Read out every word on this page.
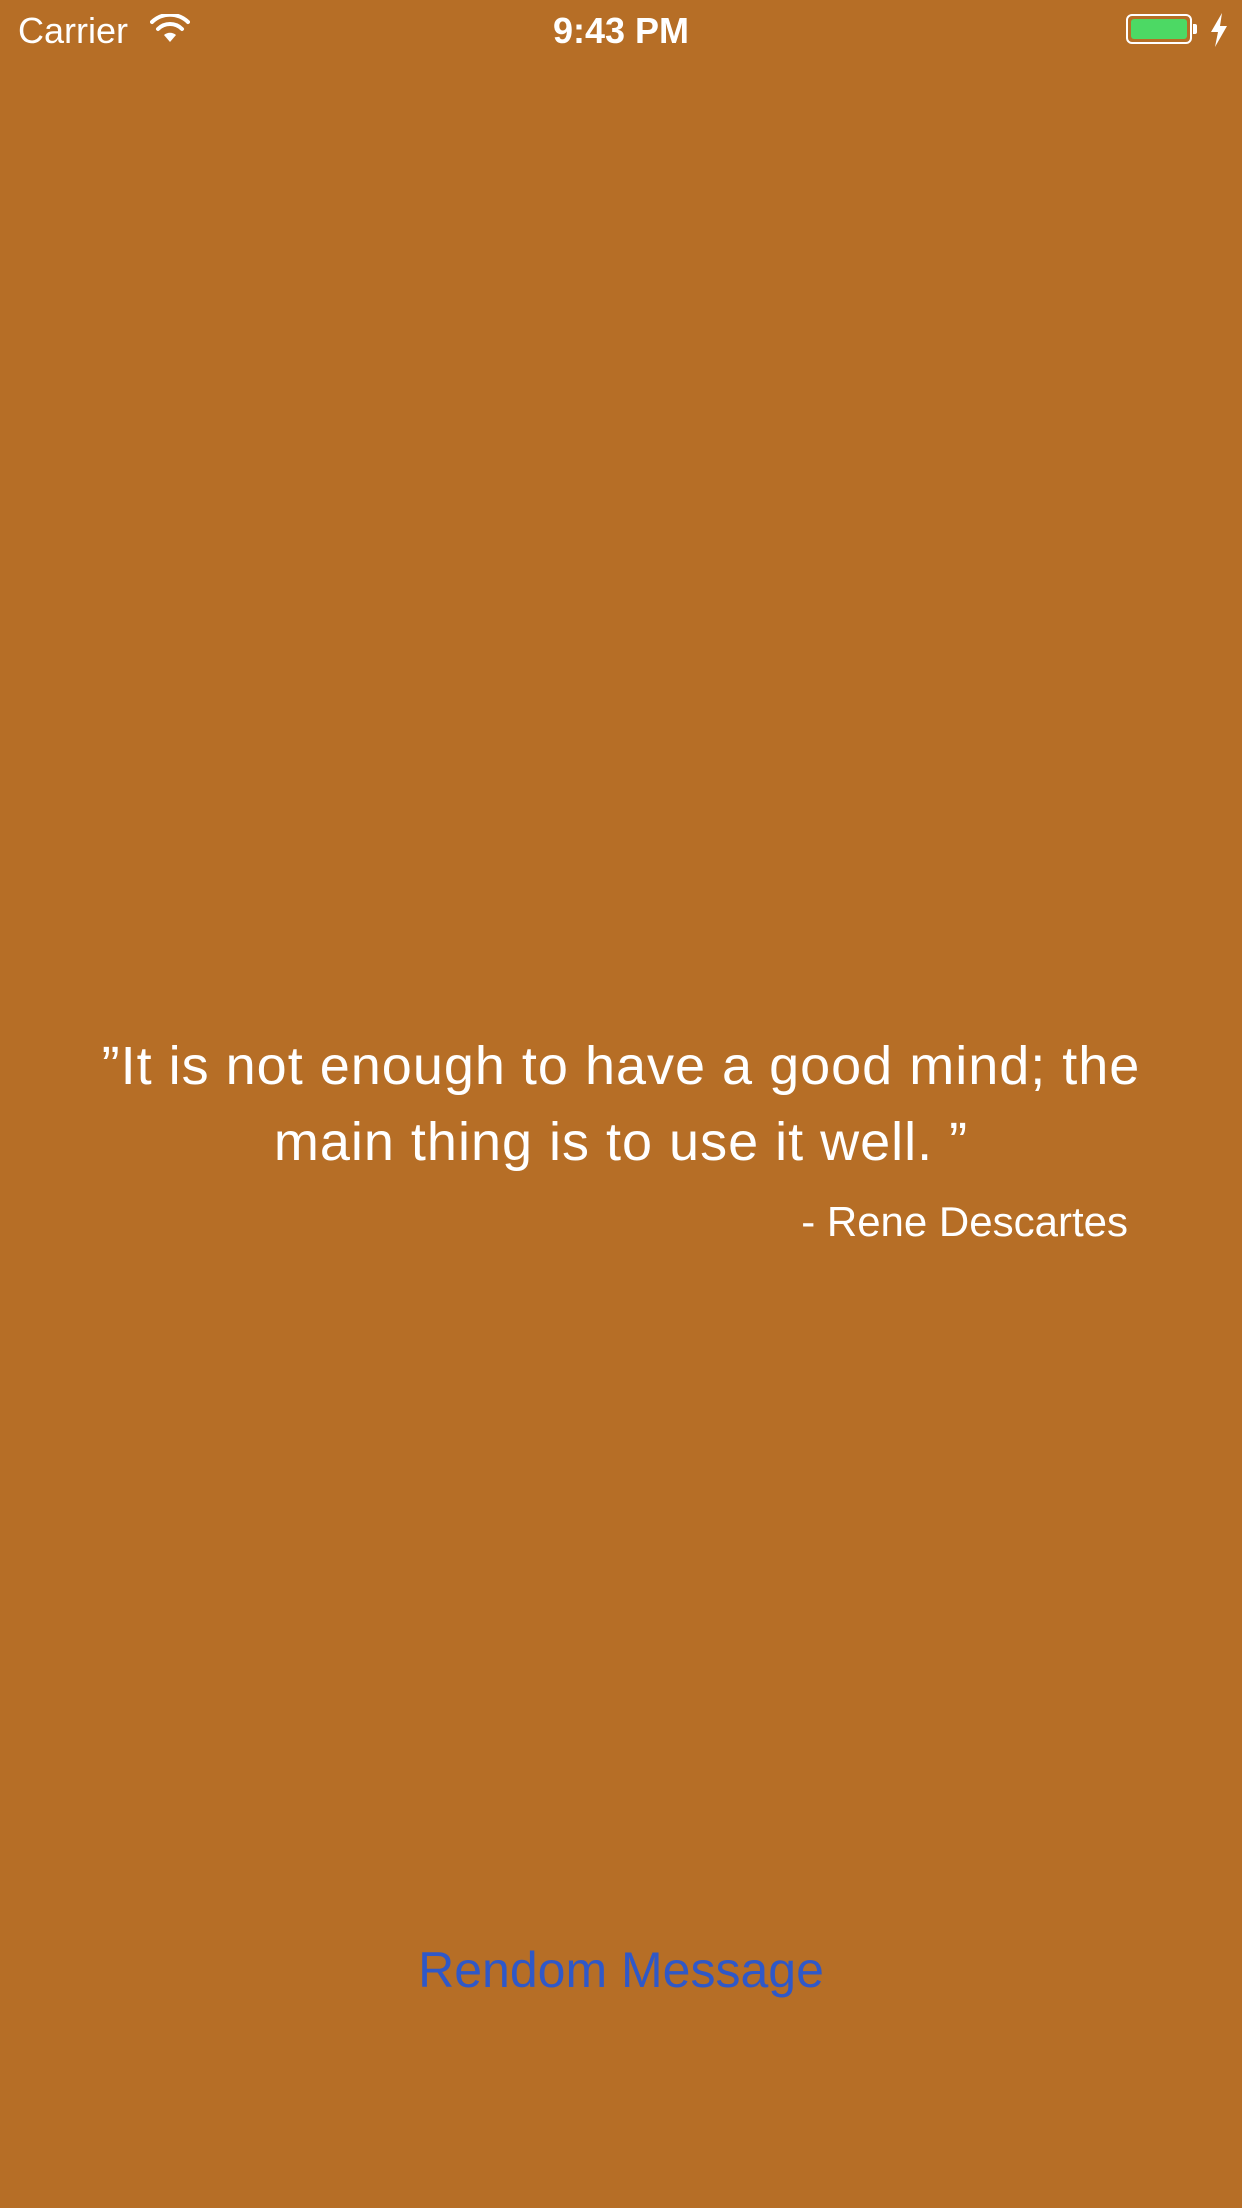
Carrier	9:43 PM

”It is not enough to have a good mind; the main thing is to use it well. ”

- Rene Descartes

Rendom Message
